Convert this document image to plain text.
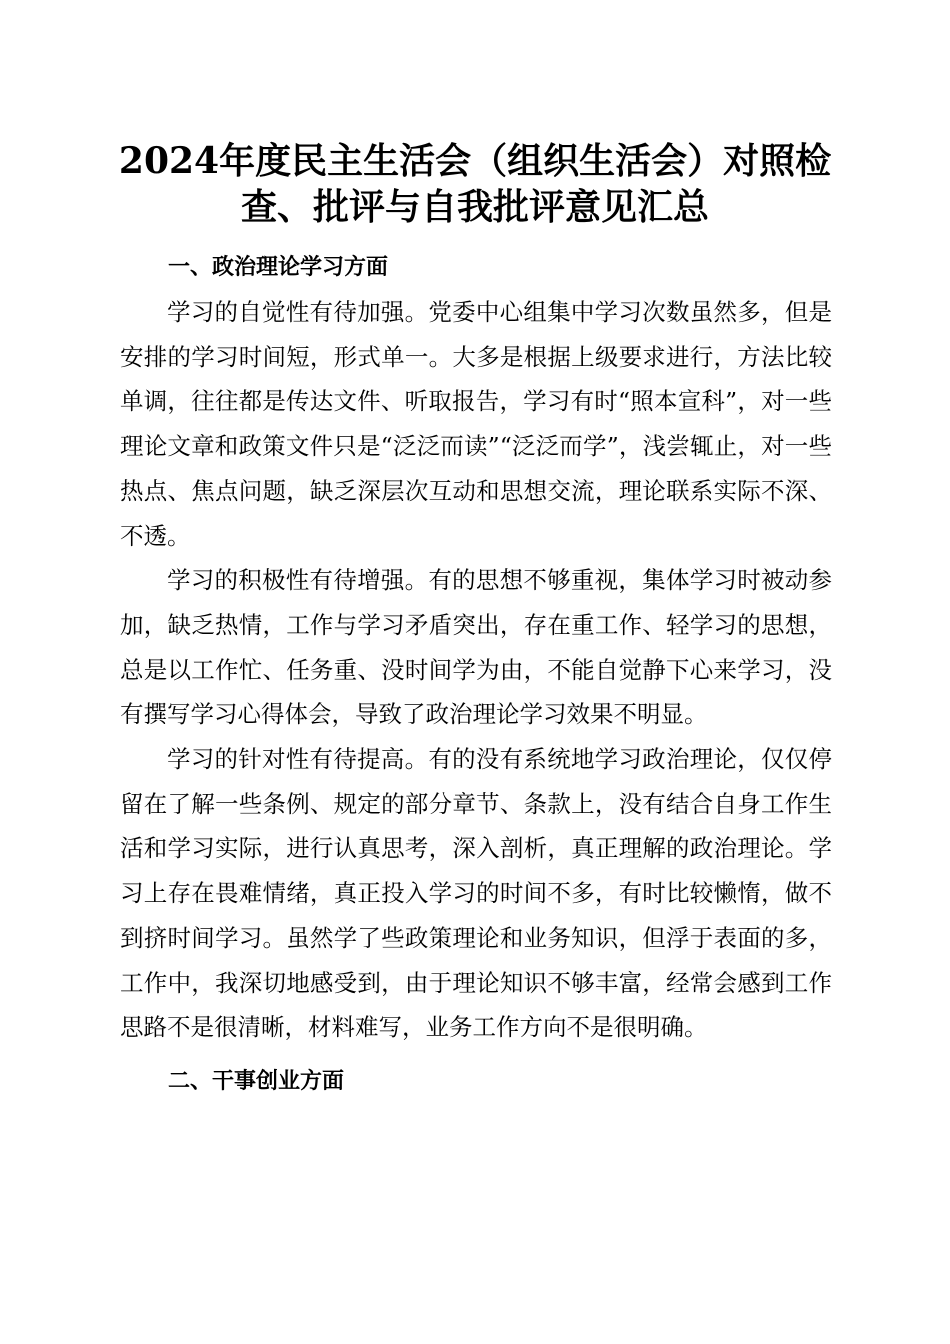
2024年度民主生活会（组织生活会）对照检查、批评与自我批评意见汇总

一、政治理论学习方面

学习的自觉性有待加强。党委中心组集中学习次数虽然多，但是安排的学习时间短，形式单一。大多是根据上级要求进行，方法比较单调，往往都是传达文件、听取报告，学习有时“照本宣科”，对一些理论文章和政策文件只是“泛泛而读”“泛泛而学”，浅尝辄止，对一些热点、焦点问题，缺乏深层次互动和思想交流，理论联系实际不深、不透。

学习的积极性有待增强。有的思想不够重视，集体学习时被动参加，缺乏热情，工作与学习矛盾突出，存在重工作、轻学习的思想，总是以工作忙、任务重、没时间学为由，不能自觉静下心来学习，没有撰写学习心得体会，导致了政治理论学习效果不明显。

学习的针对性有待提高。有的没有系统地学习政治理论，仅仅停留在了解一些条例、规定的部分章节、条款上，没有结合自身工作生活和学习实际，进行认真思考，深入剖析，真正理解的政治理论。学习上存在畏难情绪，真正投入学习的时间不多，有时比较懒惰，做不到挤时间学习。虽然学了些政策理论和业务知识，但浮于表面的多，工作中，我深切地感受到，由于理论知识不够丰富，经常会感到工作思路不是很清晰，材料难写，业务工作方向不是很明确。

二、干事创业方面
